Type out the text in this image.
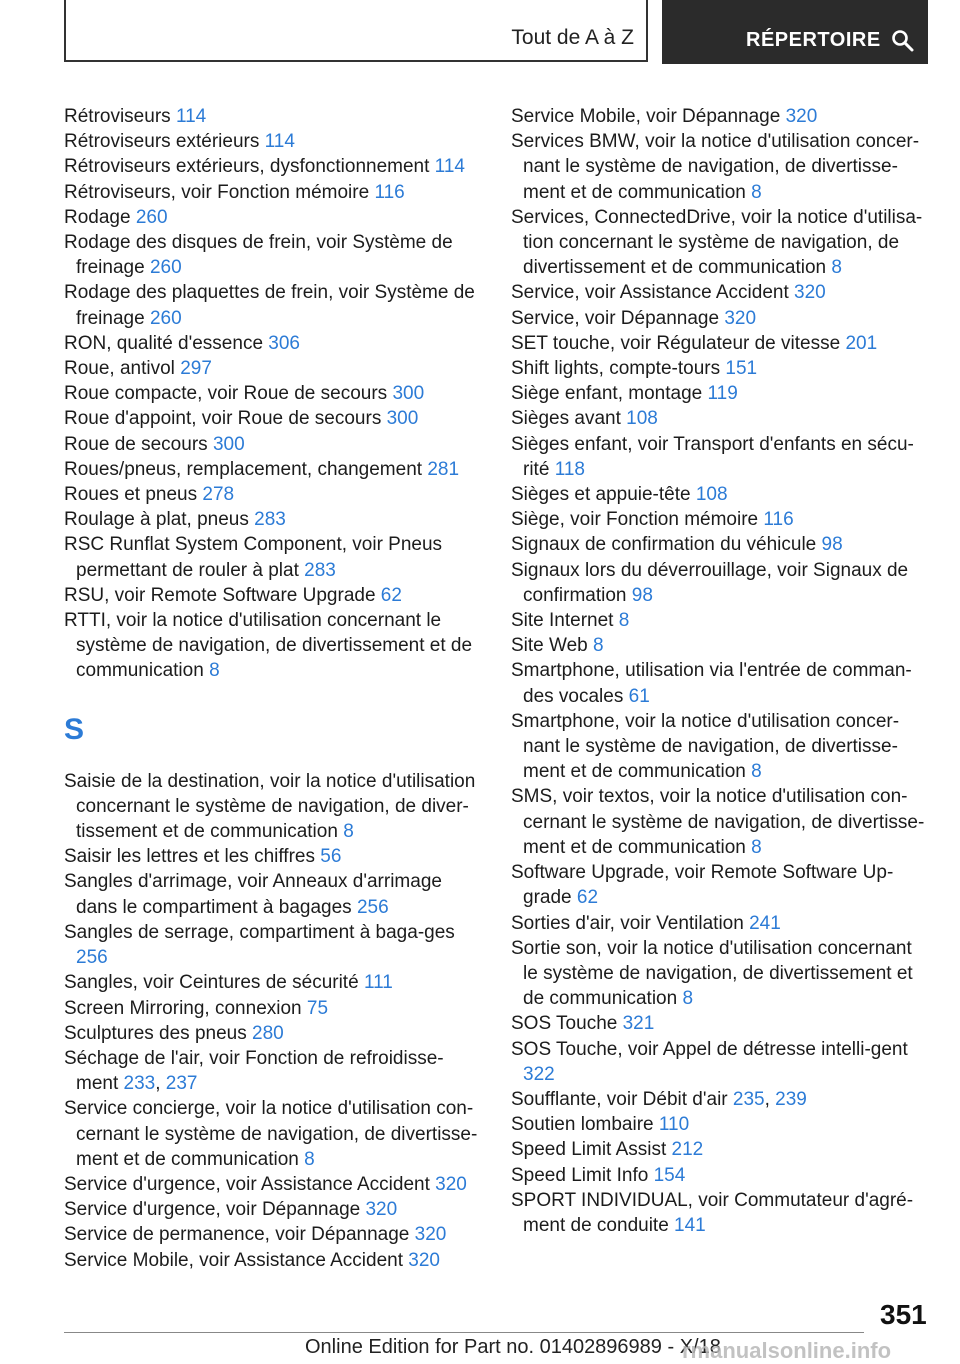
Tout de A à Z	RÉPERTOIRE

Rétroviseurs 114

Rétroviseurs extérieurs 114

Rétroviseurs extérieurs, dysfonctionnement 114

Rétroviseurs, voir Fonction mémoire 116

Rodage 260

Rodage des disques de frein, voir Système de freinage 260

Rodage des plaquettes de frein, voir Système de freinage 260

RON, qualité d'essence 306

Roue, antivol 297

Roue compacte, voir Roue de secours 300

Roue d'appoint, voir Roue de secours 300

Roue de secours 300

Roues/pneus, remplacement, changement 281

Roues et pneus 278

Roulage à plat, pneus 283

RSC Runflat System Component, voir Pneus permettant de rouler à plat 283

RSU, voir Remote Software Upgrade 62

RTTI, voir la notice d'utilisation concernant le système de navigation, de divertissement et de communication 8

S

Saisie de la destination, voir la notice d'utilisation concernant le système de navigation, de diver-tissement et de communication 8

Saisir les lettres et les chiffres 56

Sangles d'arrimage, voir Anneaux d'arrimage dans le compartiment à bagages 256

Sangles de serrage, compartiment à baga-ges 256

Sangles, voir Ceintures de sécurité 111

Screen Mirroring, connexion 75

Sculptures des pneus 280

Séchage de l'air, voir Fonction de refroidisse-ment 233, 237

Service concierge, voir la notice d'utilisation con-cernant le système de navigation, de divertisse-ment et de communication 8

Service d'urgence, voir Assistance Accident 320

Service d'urgence, voir Dépannage 320

Service de permanence, voir Dépannage 320

Service Mobile, voir Assistance Accident 320

Service Mobile, voir Dépannage 320

Services BMW, voir la notice d'utilisation concer-nant le système de navigation, de divertisse-ment et de communication 8

Services, ConnectedDrive, voir la notice d'utilisa-tion concernant le système de navigation, de divertissement et de communication 8

Service, voir Assistance Accident 320

Service, voir Dépannage 320

SET touche, voir Régulateur de vitesse 201

Shift lights, compte-tours 151

Siège enfant, montage 119

Sièges avant 108

Sièges enfant, voir Transport d'enfants en sécu-rité 118

Sièges et appuie-tête 108

Siège, voir Fonction mémoire 116

Signaux de confirmation du véhicule 98

Signaux lors du déverrouillage, voir Signaux de confirmation 98

Site Internet 8

Site Web 8

Smartphone, utilisation via l'entrée de comman-des vocales 61

Smartphone, voir la notice d'utilisation concer-nant le système de navigation, de divertisse-ment et de communication 8

SMS, voir textos, voir la notice d'utilisation con-cernant le système de navigation, de divertisse-ment et de communication 8

Software Upgrade, voir Remote Software Up-grade 62

Sorties d'air, voir Ventilation 241

Sortie son, voir la notice d'utilisation concernant le système de navigation, de divertissement et de communication 8

SOS Touche 321

SOS Touche, voir Appel de détresse intelli-gent 322

Soufflante, voir Débit d'air 235, 239

Soutien lombaire 110

Speed Limit Assist 212

Speed Limit Info 154

SPORT INDIVIDUAL, voir Commutateur d'agré-ment de conduite 141

351
Online Edition for Part no. 01402896989 - X/18
rmanualsonline.info
